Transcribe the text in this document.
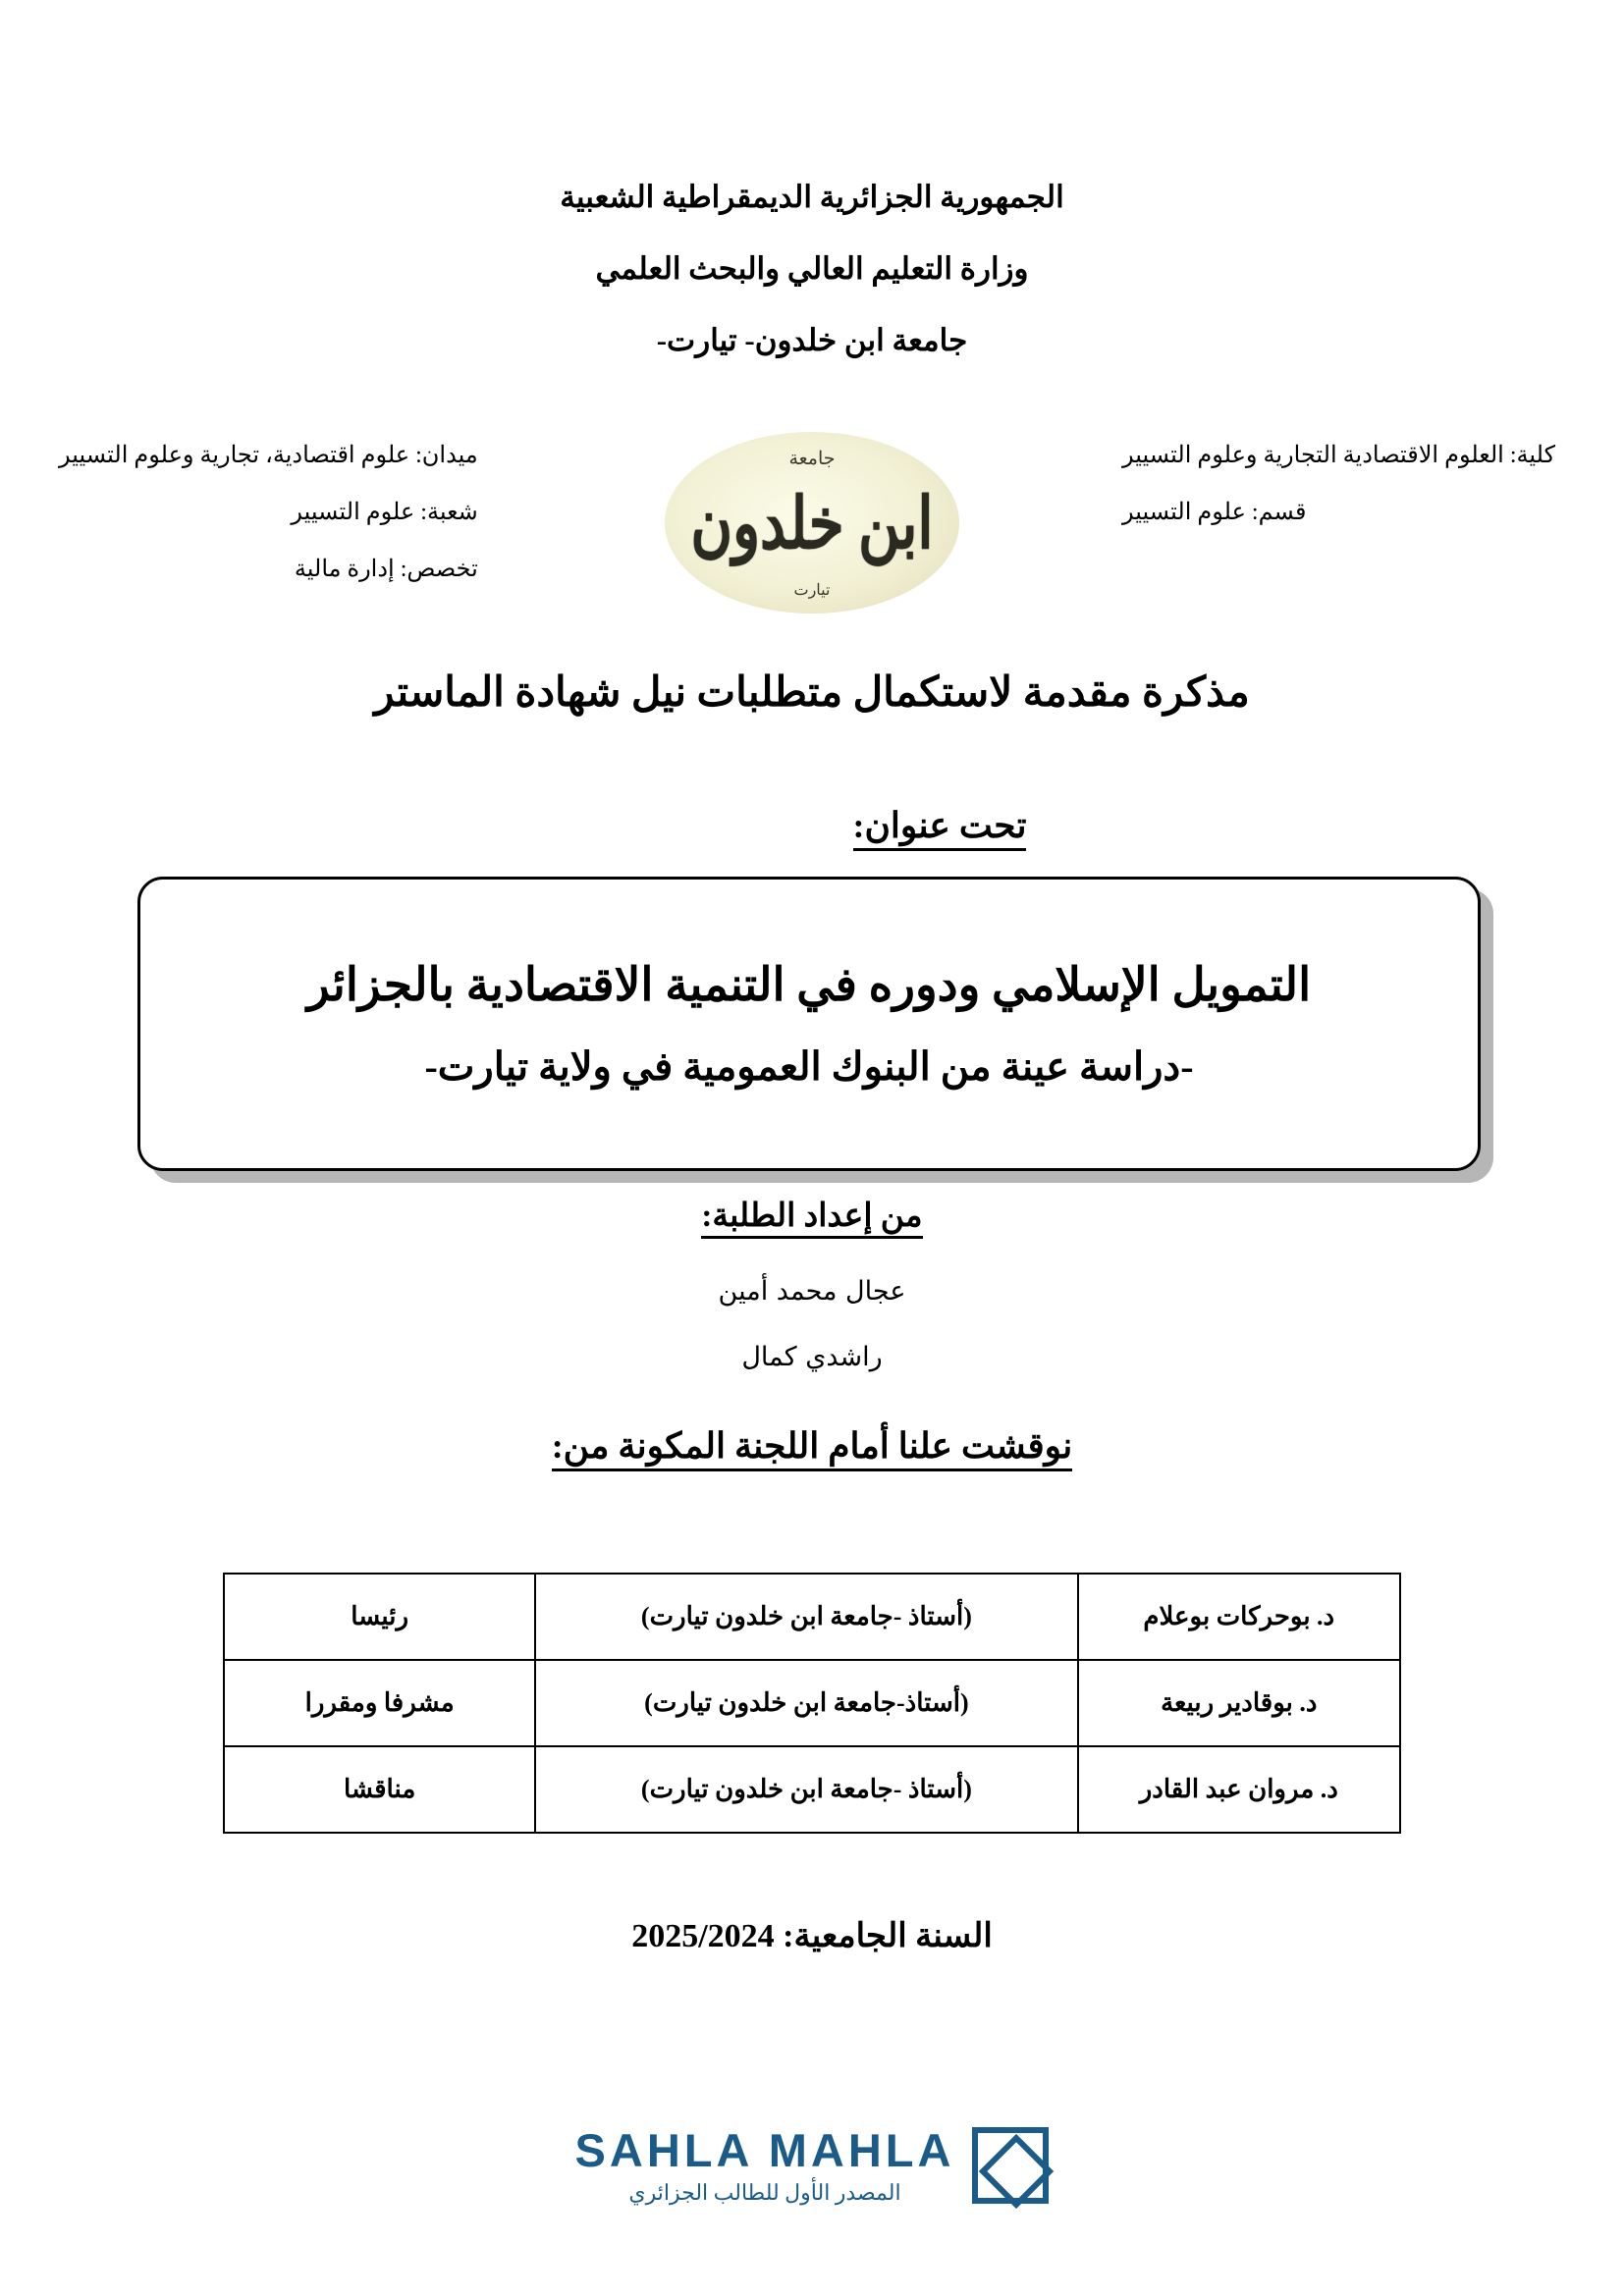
الجمهورية الجزائرية الديمقراطية الشعبية
وزارة التعليم العالي والبحث العلمي
جامعة ابن خلدون- تيارت-
كلية: العلوم الاقتصادية التجارية وعلوم التسيير
قسم: علوم التسيير
جامعة
ابن خلدون
تيارت
ميدان: علوم اقتصادية، تجارية وعلوم التسيير
شعبة: علوم التسيير
تخصص: إدارة مالية
مذكرة مقدمة لاستكمال متطلبات نيل شهادة الماستر
تحت عنوان:
التمويل الإسلامي ودوره في التنمية الاقتصادية بالجزائر
-دراسة عينة من البنوك العمومية في ولاية تيارت-
من إعداد الطلبة:
عجال محمد أمين
راشدي كمال
نوقشت علنا أمام اللجنة المكونة من:
د. بوحركات بوعلام	(أستاذ -جامعة ابن خلدون تيارت)	رئيسا
د. بوقادير ربيعة	(أستاذ-جامعة ابن خلدون تيارت)	مشرفا ومقررا
د. مروان عبد القادر	(أستاذ -جامعة ابن خلدون تيارت)	مناقشا
السنة الجامعية: 2025/2024
SAHLA MAHLA
المصدر الأول للطالب الجزائري
